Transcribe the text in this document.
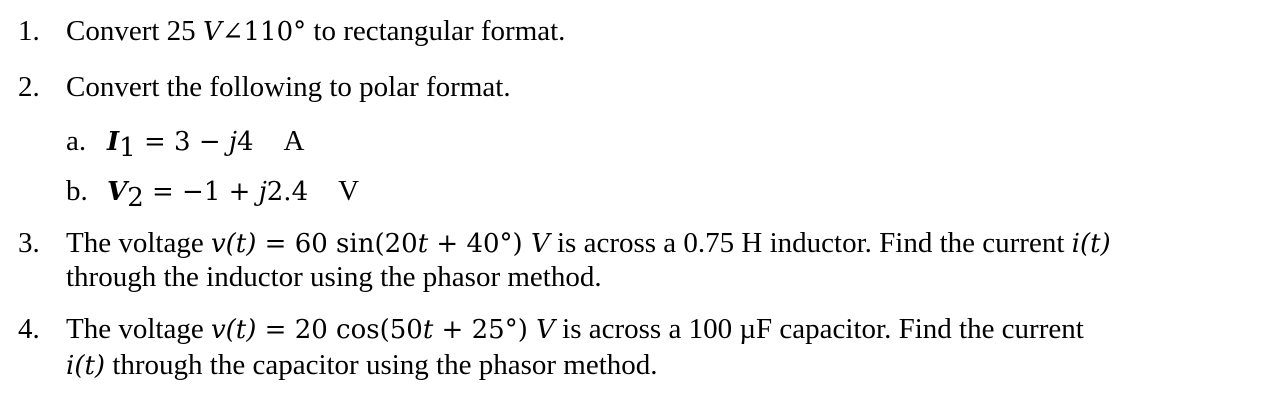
1. Convert 25 V∠110° to rectangular format.
2. Convert the following to polar format.
a. $I_1 = 3 - j4$ A
b. $V_2 = -1 + j2.4$ V
3. The voltage v(t) = 60 sin(20t + 40°) V is across a 0.75 H inductor. Find the current i(t)
through the inductor using the phasor method.
4. The voltage v(t) = 20 cos(50t + 25°) V is across a 100 µF capacitor. Find the current
i(t) through the capacitor using the phasor method.
